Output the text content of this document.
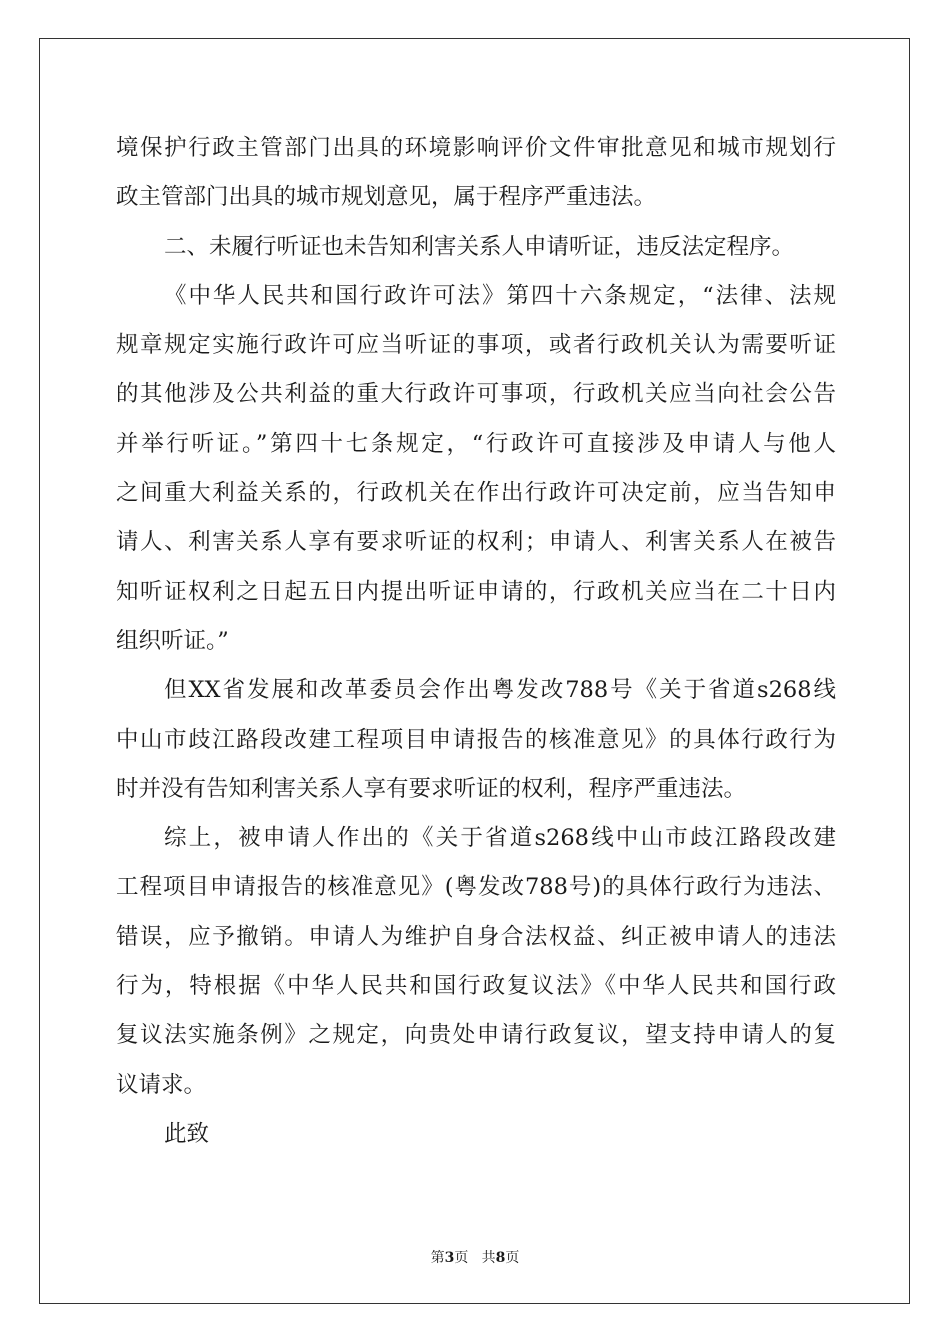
境保护行政主管部门出具的环境影响评价文件审批意见和城市规划行
政主管部门出具的城市规划意见，属于程序严重违法。
二、未履行听证也未告知利害关系人申请听证，违反法定程序。
《中华人民共和国行政许可法》第四十六条规定，“法律、法规
规章规定实施行政许可应当听证的事项，或者行政机关认为需要听证
的其他涉及公共利益的重大行政许可事项，行政机关应当向社会公告
并举行听证。”第四十七条规定，“行政许可直接涉及申请人与他人
之间重大利益关系的，行政机关在作出行政许可决定前，应当告知申
请人、利害关系人享有要求听证的权利；申请人、利害关系人在被告
知听证权利之日起五日内提出听证申请的，行政机关应当在二十日内
组织听证。”
但XX省发展和改革委员会作出粤发改788号《关于省道s268线
中山市歧江路段改建工程项目申请报告的核准意见》的具体行政行为
时并没有告知利害关系人享有要求听证的权利，程序严重违法。
综上，被申请人作出的《关于省道s268线中山市歧江路段改建
工程项目申请报告的核准意见》(粤发改788号)的具体行政行为违法、
错误，应予撤销。申请人为维护自身合法权益、纠正被申请人的违法
行为，特根据《中华人民共和国行政复议法》《中华人民共和国行政
复议法实施条例》之规定，向贵处申请行政复议，望支持申请人的复
议请求。
此致
第3页 共8页
